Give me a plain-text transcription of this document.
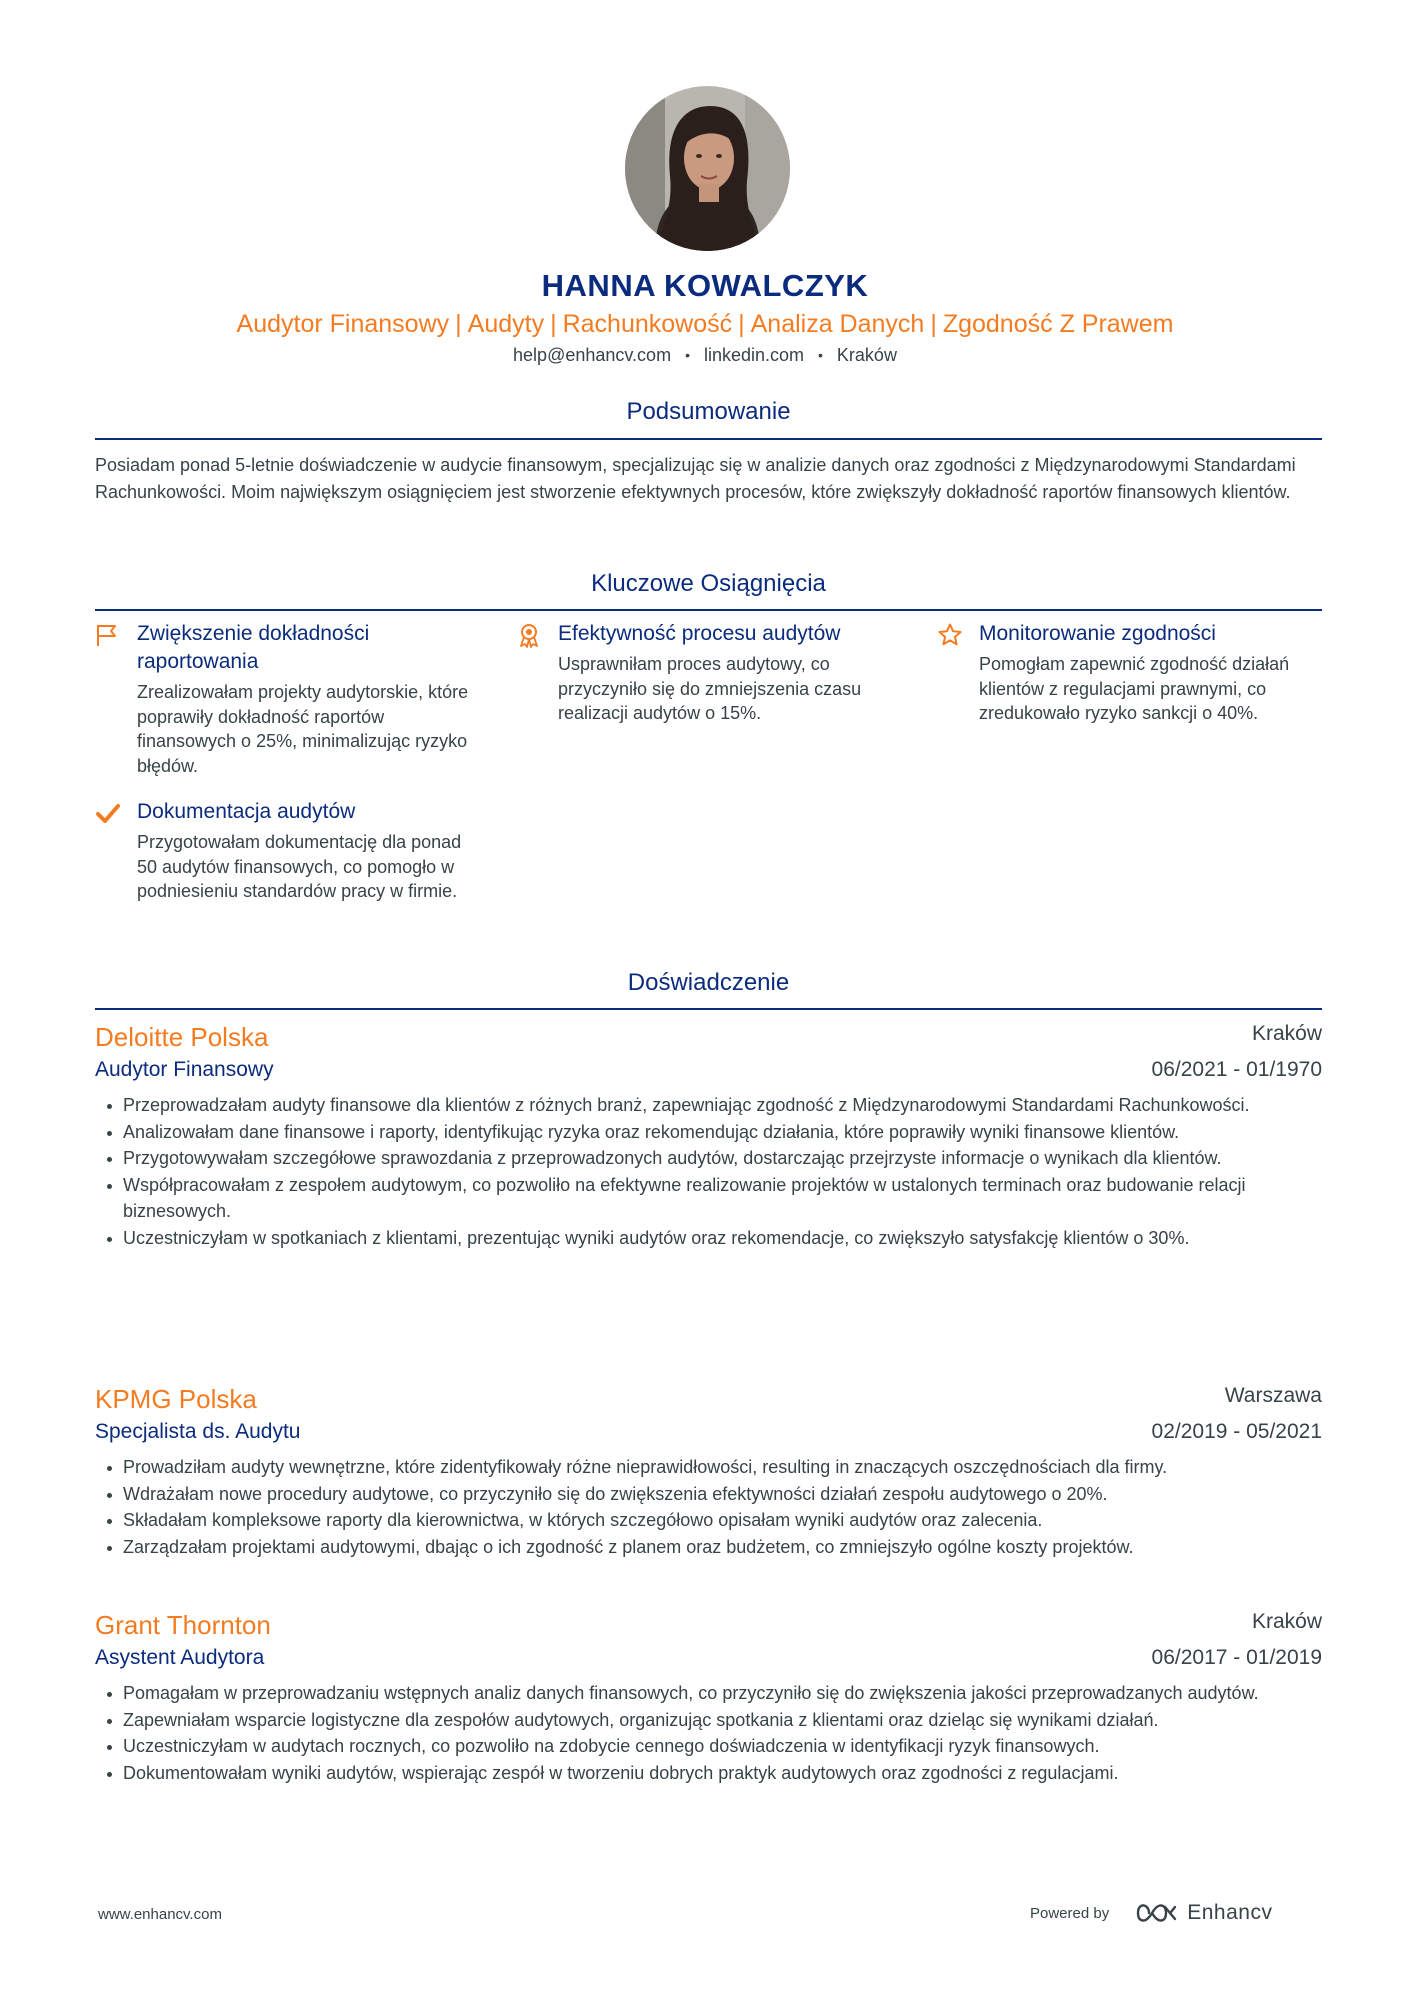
HANNA KOWALCZYK
Audytor Finansowy | Audyty | Rachunkowość | Analiza Danych | Zgodność Z Prawem
help@enhancv.com • linkedin.com • Kraków
Podsumowanie
Posiadam ponad 5-letnie doświadczenie w audycie finansowym, specjalizując się w analizie danych oraz zgodności z Międzynarodowymi Standardami Rachunkowości. Moim największym osiągnięciem jest stworzenie efektywnych procesów, które zwiększyły dokładność raportów finansowych klientów.
Kluczowe Osiągnięcia
Zwiększenie dokładności raportowania
Zrealizowałam projekty audytorskie, które poprawiły dokładność raportów finansowych o 25%, minimalizując ryzyko błędów.
Efektywność procesu audytów
Usprawniłam proces audytowy, co przyczyniło się do zmniejszenia czasu realizacji audytów o 15%.
Monitorowanie zgodności
Pomogłam zapewnić zgodność działań klientów z regulacjami prawnymi, co zredukowało ryzyko sankcji o 40%.
Dokumentacja audytów
Przygotowałam dokumentację dla ponad 50 audytów finansowych, co pomogło w podniesieniu standardów pracy w firmie.
Doświadczenie
Deloitte Polska	Kraków
Audytor Finansowy	06/2021 - 01/1970
Przeprowadzałam audyty finansowe dla klientów z różnych branż, zapewniając zgodność z Międzynarodowymi Standardami Rachunkowości.
Analizowałam dane finansowe i raporty, identyfikując ryzyka oraz rekomendując działania, które poprawiły wyniki finansowe klientów.
Przygotowywałam szczegółowe sprawozdania z przeprowadzonych audytów, dostarczając przejrzyste informacje o wynikach dla klientów.
Współpracowałam z zespołem audytowym, co pozwoliło na efektywne realizowanie projektów w ustalonych terminach oraz budowanie relacji biznesowych.
Uczestniczyłam w spotkaniach z klientami, prezentując wyniki audytów oraz rekomendacje, co zwiększyło satysfakcję klientów o 30%.
KPMG Polska	Warszawa
Specjalista ds. Audytu	02/2019 - 05/2021
Prowadziłam audyty wewnętrzne, które zidentyfikowały różne nieprawidłowości, resulting in znaczących oszczędnościach dla firmy.
Wdrażałam nowe procedury audytowe, co przyczyniło się do zwiększenia efektywności działań zespołu audytowego o 20%.
Składałam kompleksowe raporty dla kierownictwa, w których szczegółowo opisałam wyniki audytów oraz zalecenia.
Zarządzałam projektami audytowymi, dbając o ich zgodność z planem oraz budżetem, co zmniejszyło ogólne koszty projektów.
Grant Thornton	Kraków
Asystent Audytora	06/2017 - 01/2019
Pomagałam w przeprowadzaniu wstępnych analiz danych finansowych, co przyczyniło się do zwiększenia jakości przeprowadzanych audytów.
Zapewniałam wsparcie logistyczne dla zespołów audytowych, organizując spotkania z klientami oraz dzieląc się wynikami działań.
Uczestniczyłam w audytach rocznych, co pozwoliło na zdobycie cennego doświadczenia w identyfikacji ryzyk finansowych.
Dokumentowałam wyniki audytów, wspierając zespół w tworzeniu dobrych praktyk audytowych oraz zgodności z regulacjami.
www.enhancv.com	Powered by	Enhancv
